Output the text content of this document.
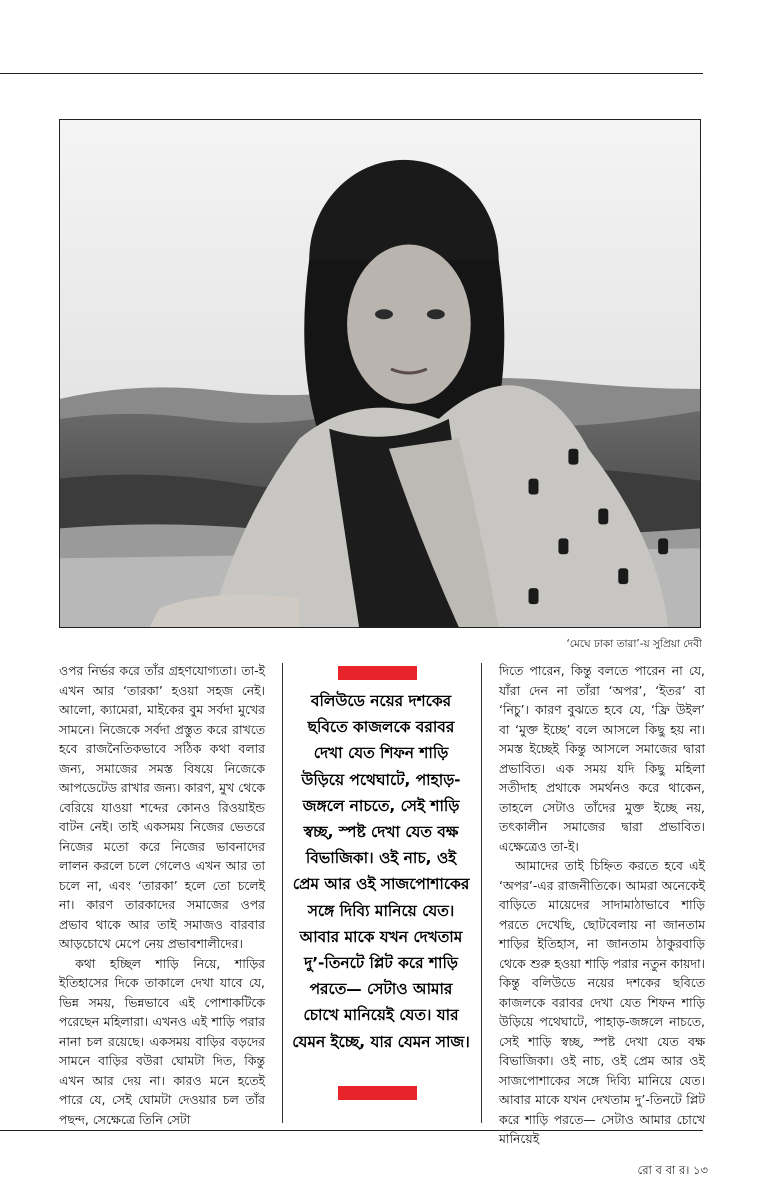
‘মেঘে ঢাকা তারা’-য় সুপ্রিয়া দেবী

ওপর নির্ভর করে তাঁর গ্রহণযোগ্যতা। তা-ই এখন আর ‘তারকা’ হওয়া সহজ নেই। আলো, ক্যামেরা, মাইকের বুম সর্বদা মুখের সামনে। নিজেকে সর্বদা প্রস্তুত করে রাখতে হবে রাজনৈতিকভাবে সঠিক কথা বলার জন্য, সমাজের সমস্ত বিষয়ে নিজেকে আপডেটেড রাখার জন্য। কারণ, মুখ থেকে বেরিয়ে যাওয়া শব্দের কোনও রিওয়াইন্ড বাটন নেই। তাই একসময় নিজের ভেতরে নিজের মতো করে নিজের ভাবনাদের লালন করলে চলে গেলেও এখন আর তা চলে না, এবং ‘তারকা’ হলে তো চলেই না। কারণ তারকাদের সমাজের ওপর প্রভাব থাকে আর তাই সমাজও বারবার আড়চোখে মেপে নেয় প্রভাবশালীদের।

কথা হচ্ছিল শাড়ি নিয়ে, শাড়ির ইতিহাসের দিকে তাকালে দেখা যাবে যে, ভিন্ন সময়, ভিন্নভাবে এই পোশাকটিকে পরেছেন মহিলারা। এখনও এই শাড়ি পরার নানা চল রয়েছে। একসময় বাড়ির বড়দের সামনে বাড়ির বউরা ঘোমটা দিত, কিন্তু এখন আর দেয় না। কারও মনে হতেই পারে যে, সেই ঘোমটা দেওয়ার চল তাঁর পছন্দ, সেক্ষেত্রে তিনি সেটা

বলিউডে নয়ের দশকের ছবিতে কাজলকে বরাবর দেখা যেত শিফন শাড়ি উড়িয়ে পথেঘাটে, পাহাড়-জঙ্গলে নাচতে, সেই শাড়ি স্বচ্ছ, স্পষ্ট দেখা যেত বক্ষ বিভাজিকা। ওই নাচ, ওই প্রেম আর ওই সাজপোশাকের সঙ্গে দিব্যি মানিয়ে যেত। আবার মাকে যখন দেখতাম দু’-তিনটে প্লিট করে শাড়ি পরতে— সেটাও আমার চোখে মানিয়েই যেত। যার যেমন ইচ্ছে, যার যেমন সাজ।

দিতে পারেন, কিন্তু বলতে পারেন না যে, যাঁরা দেন না তাঁরা ‘অপর’, ‘ইতর’ বা ‘নিচু’। কারণ বুঝতে হবে যে, ‘ফ্রি উইল’ বা ‘মুক্ত ইচ্ছে’ বলে আসলে কিছু হয় না। সমস্ত ইচ্ছেই কিন্তু আসলে সমাজের দ্বারা প্রভাবিত। এক সময় যদি কিছু মহিলা সতীদাহ প্রথাকে সমর্থনও করে থাকেন, তাহলে সেটাও তাঁদের মুক্ত ইচ্ছে নয়, তৎকালীন সমাজের দ্বারা প্রভাবিত। এক্ষেত্রেও তা-ই।

আমাদের তাই চিহ্নিত করতে হবে এই ‘অপর’-এর রাজনীতিকে। আমরা অনেকেই বাড়িতে মায়েদের সাদামাঠাভাবে শাড়ি পরতে দেখেছি, ছোটবেলায় না জানতাম শাড়ির ইতিহাস, না জানতাম ঠাকুরবাড়ি থেকে শুরু হওয়া শাড়ি পরার নতুন কায়দা। কিন্তু বলিউডে নয়ের দশকের ছবিতে কাজলকে বরাবর দেখা যেত শিফন শাড়ি উড়িয়ে পথেঘাটে, পাহাড়-জঙ্গলে নাচতে, সেই শাড়ি স্বচ্ছ, স্পষ্ট দেখা যেত বক্ষ বিভাজিকা। ওই নাচ, ওই প্রেম আর ওই সাজপোশাকের সঙ্গে দিব্যি মানিয়ে যেত। আবার মাকে যখন দেখতাম দু’-তিনটে প্লিট করে শাড়ি পরতে— সেটাও আমার চোখে মানিয়েই

রো ব বা র। ১৩
